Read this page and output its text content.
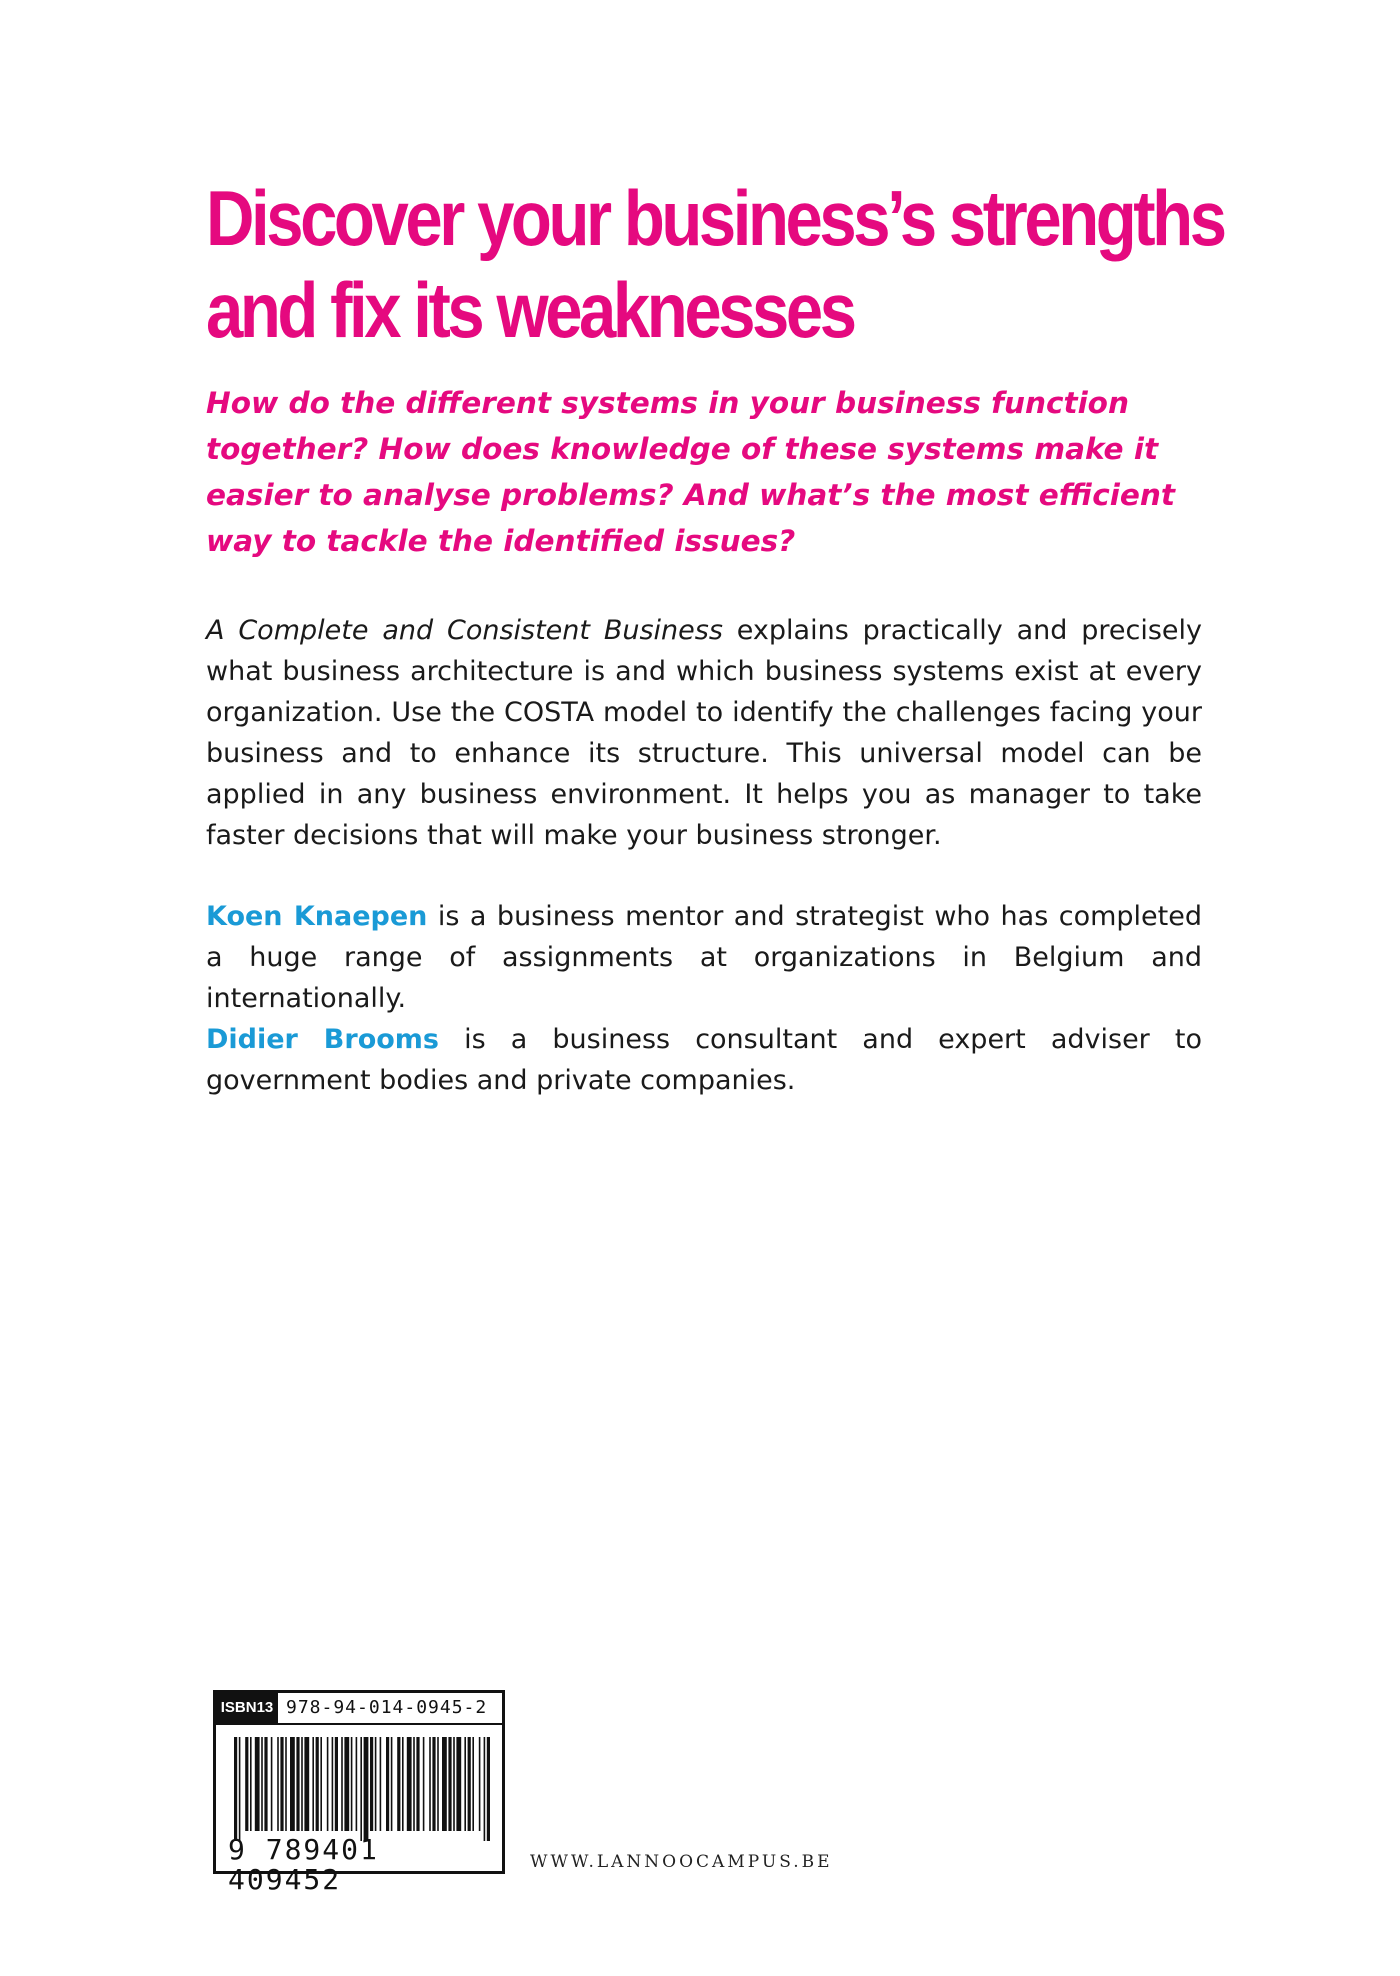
Discover your business’s strengths
and fix its weaknesses

How do the different systems in your business function together? How does knowledge of these systems make it easier to analyse problems? And what’s the most efficient way to tackle the identified issues?

A Complete and Consistent Business explains practically and precisely what business architecture is and which business systems exist at every organization. Use the COSTA model to identify the challenges facing your business and to enhance its structure. This universal model can be applied in any business environment. It helps you as manager to take faster decisions that will make your business stronger.

Koen Knaepen is a business mentor and strategist who has completed a huge range of assignments at organizations in Belgium and internationally.
Didier Brooms is a business consultant and expert adviser to government bodies and private companies.

ISBN13 978-94-014-0945-2
9 789401 409452
WWW.LANNOOCAMPUS.BE
